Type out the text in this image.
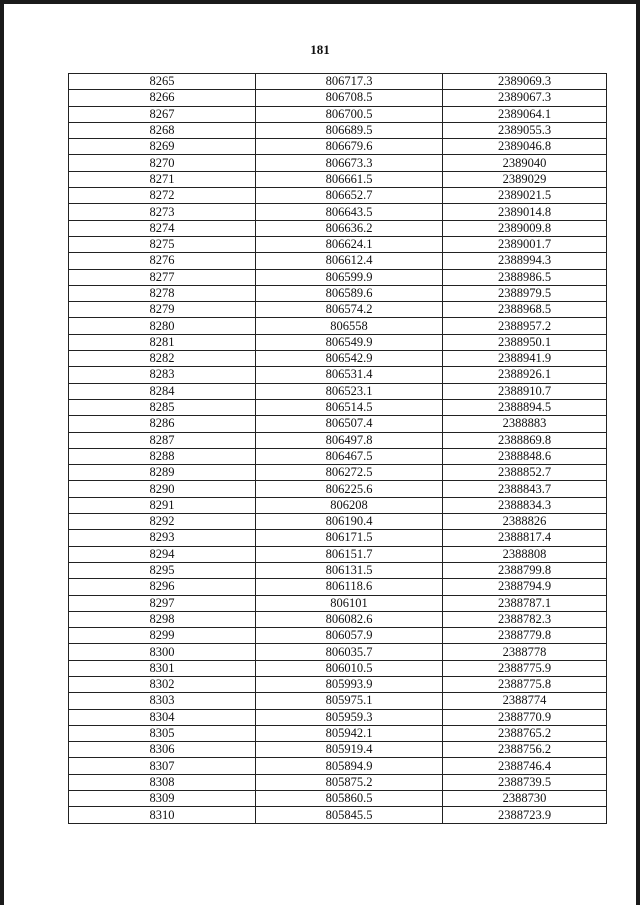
181
8265	806717.3	2389069.3
8266	806708.5	2389067.3
8267	806700.5	2389064.1
8268	806689.5	2389055.3
8269	806679.6	2389046.8
8270	806673.3	2389040
8271	806661.5	2389029
8272	806652.7	2389021.5
8273	806643.5	2389014.8
8274	806636.2	2389009.8
8275	806624.1	2389001.7
8276	806612.4	2388994.3
8277	806599.9	2388986.5
8278	806589.6	2388979.5
8279	806574.2	2388968.5
8280	806558	2388957.2
8281	806549.9	2388950.1
8282	806542.9	2388941.9
8283	806531.4	2388926.1
8284	806523.1	2388910.7
8285	806514.5	2388894.5
8286	806507.4	2388883
8287	806497.8	2388869.8
8288	806467.5	2388848.6
8289	806272.5	2388852.7
8290	806225.6	2388843.7
8291	806208	2388834.3
8292	806190.4	2388826
8293	806171.5	2388817.4
8294	806151.7	2388808
8295	806131.5	2388799.8
8296	806118.6	2388794.9
8297	806101	2388787.1
8298	806082.6	2388782.3
8299	806057.9	2388779.8
8300	806035.7	2388778
8301	806010.5	2388775.9
8302	805993.9	2388775.8
8303	805975.1	2388774
8304	805959.3	2388770.9
8305	805942.1	2388765.2
8306	805919.4	2388756.2
8307	805894.9	2388746.4
8308	805875.2	2388739.5
8309	805860.5	2388730
8310	805845.5	2388723.9
